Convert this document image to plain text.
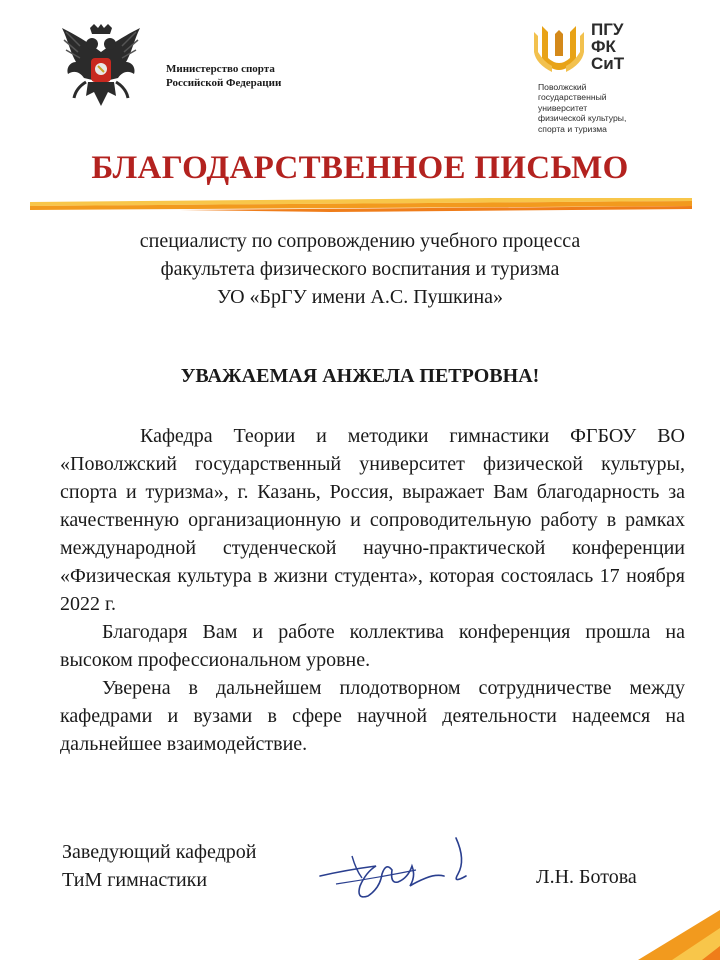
Министерство спорта
Российской Федерации
ПГУ
ФК
СиТ
Поволжский
государственный
университет
физической культуры,
спорта и туризма
БЛАГОДАРСТВЕННОЕ ПИСЬМО
специалисту по сопровождению учебного процесса
факультета физического воспитания и туризма
УО «БрГУ имени А.С. Пушкина»
УВАЖАЕМАЯ АНЖЕЛА ПЕТРОВНА!

Кафедра Теории и методики гимнастики ФГБОУ ВО «Поволжский государственный университет физической культуры, спорта и туризма», г. Казань, Россия, выражает Вам благодарность за качественную организационную и сопроводительную работу в рамках международной студенческой научно-практической конференции «Физическая культура в жизни студента», которая состоялась 17 ноября 2022 г.

Благодаря Вам и работе коллектива конференция прошла на высоком профессиональном уровне.

Уверена в дальнейшем плодотворном сотрудничестве между кафедрами и вузами в сфере научной деятельности надеемся на дальнейшее взаимодействие.

Заведующий кафедрой
ТиМ гимнастики	Л.Н. Ботова
